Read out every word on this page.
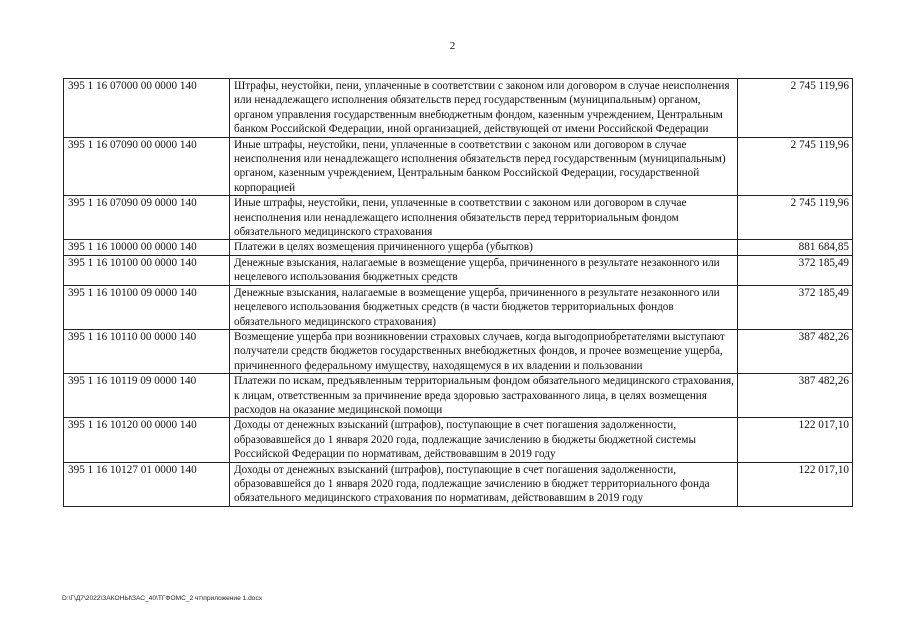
2
395 1 16 07000 00 0000 140	Штрафы, неустойки, пени, уплаченные в соответствии с законом или договором в случае неисполнения или ненадлежащего исполнения обязательств перед государственным (муниципальным) органом, органом управления государственным внебюджетным фондом, казенным учреждением, Центральным банком Российской Федерации, иной организацией, действующей от имени Российской Федерации	2 745 119,96
395 1 16 07090 00 0000 140	Иные штрафы, неустойки, пени, уплаченные в соответствии с законом или договором в случае неисполнения или ненадлежащего исполнения обязательств перед государственным (муниципальным) органом, казенным учреждением, Центральным банком Российской Федерации, государственной корпорацией	2 745 119,96
395 1 16 07090 09 0000 140	Иные штрафы, неустойки, пени, уплаченные в соответствии с законом или договором в случае неисполнения или ненадлежащего исполнения обязательств перед территориальным фондом обязательного медицинского страхования	2 745 119,96
395 1 16 10000 00 0000 140	Платежи в целях возмещения причиненного ущерба (убытков)	881 684,85
395 1 16 10100 00 0000 140	Денежные взыскания, налагаемые в возмещение ущерба, причиненного в результате незаконного или нецелевого использования бюджетных средств	372 185,49
395 1 16 10100 09 0000 140	Денежные взыскания, налагаемые в возмещение ущерба, причиненного в результате незаконного или нецелевого использования бюджетных средств (в части бюджетов территориальных фондов обязательного медицинского страхования)	372 185,49
395 1 16 10110 00 0000 140	Возмещение ущерба при возникновении страховых случаев, когда выгодоприобретателями выступают получатели средств бюджетов государственных внебюджетных фондов, и прочее возмещение ущерба, причиненного федеральному имуществу, находящемуся в их владении и пользовании	387 482,26
395 1 16 10119 09 0000 140	Платежи по искам, предъявленным территориальным фондом обязательного медицинского страхования, к лицам, ответственным за причинение вреда здоровью застрахованного лица, в целях возмещения расходов на оказание медицинской помощи	387 482,26
395 1 16 10120 00 0000 140	Доходы от денежных взысканий (штрафов), поступающие в счет погашения задолженности, образовавшейся до 1 января 2020 года, подлежащие зачислению в бюджеты бюджетной системы Российской Федерации по нормативам, действовавшим в 2019 году	122 017,10
395 1 16 10127 01 0000 140	Доходы от денежных взысканий (штрафов), поступающие в счет погашения задолженности, образовавшейся до 1 января 2020 года, подлежащие зачислению в бюджет территориального фонда обязательного медицинского страхования по нормативам, действовавшим в 2019 году	122 017,10
D:\Г\Д7\2022\ЗАКОНЫ\ЗАС_40\ТГФОМС_2 чт\приложение 1.docx
